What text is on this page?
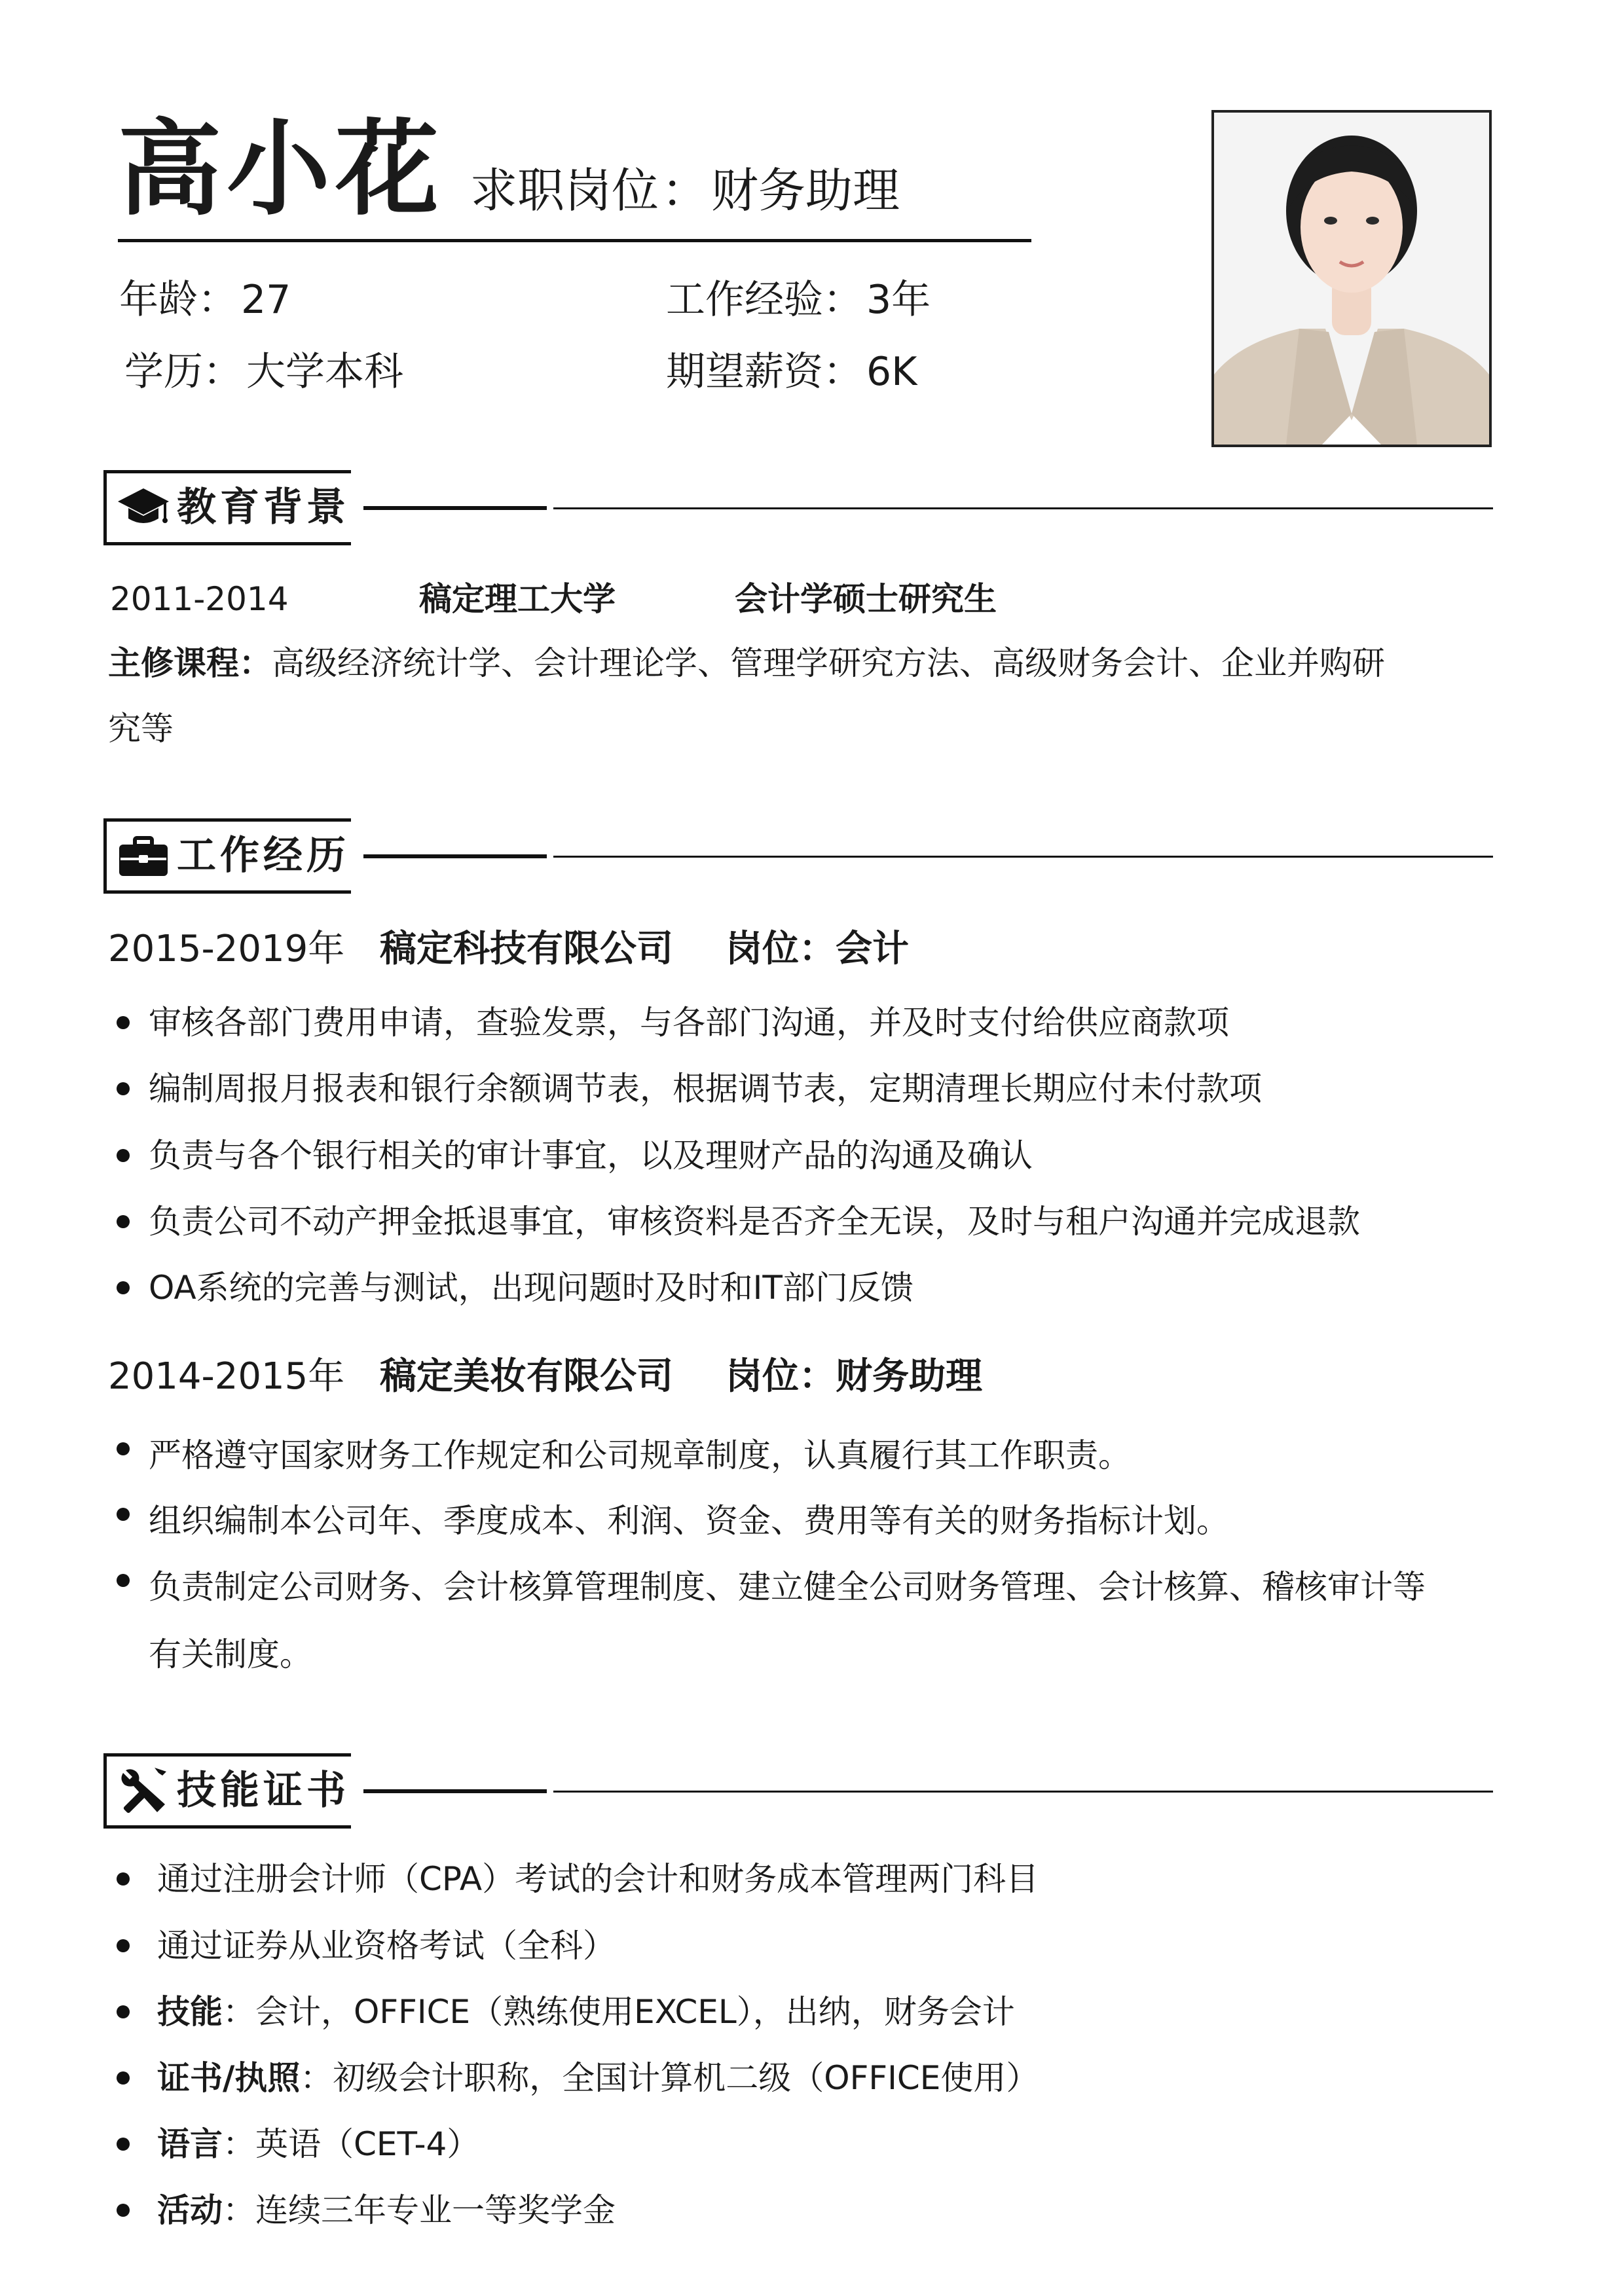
高小花 求职岗位：财务助理
年龄： 27
学历： 大学本科
工作经验： 3年
期望薪资： 6K
教育背景
2011-2014	稿定理工大学	会计学硕士研究生
主修课程：高级经济统计学、会计理论学、管理学研究方法、高级财务会计、企业并购研
究等
工作经历
2015-2019年 稿定科技有限公司 岗位：会计
审核各部门费用申请，查验发票，与各部门沟通，并及时支付给供应商款项
编制周报月报表和银行余额调节表，根据调节表，定期清理长期应付未付款项
负责与各个银行相关的审计事宜，以及理财产品的沟通及确认
负责公司不动产押金抵退事宜，审核资料是否齐全无误，及时与租户沟通并完成退款
OA系统的完善与测试，出现问题时及时和IT部门反馈
2014-2015年 稿定美妆有限公司 岗位：财务助理
严格遵守国家财务工作规定和公司规章制度，认真履行其工作职责。
组织编制本公司年、季度成本、利润、资金、费用等有关的财务指标计划。
负责制定公司财务、会计核算管理制度、建立健全公司财务管理、会计核算、稽核审计等
有关制度。
技能证书
通过注册会计师（CPA）考试的会计和财务成本管理两门科目
通过证券从业资格考试（全科）
技能：会计，OFFICE（熟练使用EXCEL），出纳，财务会计
证书/执照：初级会计职称，全国计算机二级（OFFICE使用）
语言：英语（CET-4）
活动：连续三年专业一等奖学金
